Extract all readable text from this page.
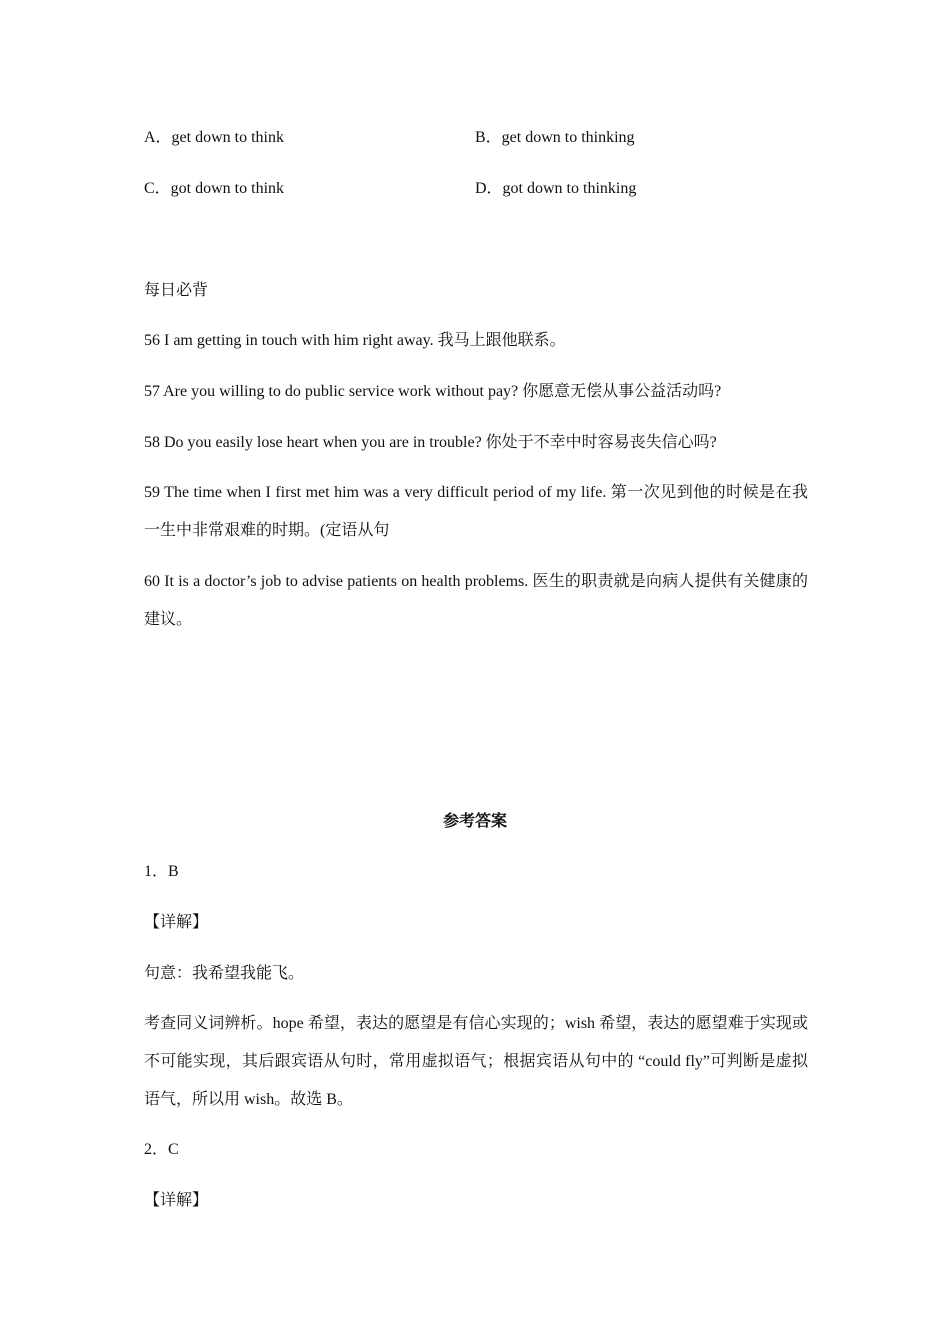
A．get down to think	B．get down to thinking
C．got down to think	D．got down to thinking
每日必背
56 I am getting in touch with him right away. 我马上跟他联系。
57 Are you willing to do public service work without pay? 你愿意无偿从事公益活动吗?
58 Do you easily lose heart when you are in trouble? 你处于不幸中时容易丧失信心吗?
59 The time when I first met him was a very difficult period of my life. 第一次见到他的时候是在我一生中非常艰难的时期。(定语从句
60 It is a doctor’s job to advise patients on health problems. 医生的职责就是向病人提供有关健康的建议。
参考答案
1．B
【详解】
句意：我希望我能飞。
考查同义词辨析。hope 希望，表达的愿望是有信心实现的；wish 希望，表达的愿望难于实现或不可能实现，其后跟宾语从句时，常用虚拟语气；根据宾语从句中的 “could fly”可判断是虚拟语气，所以用 wish。故选 B。
2．C
【详解】
